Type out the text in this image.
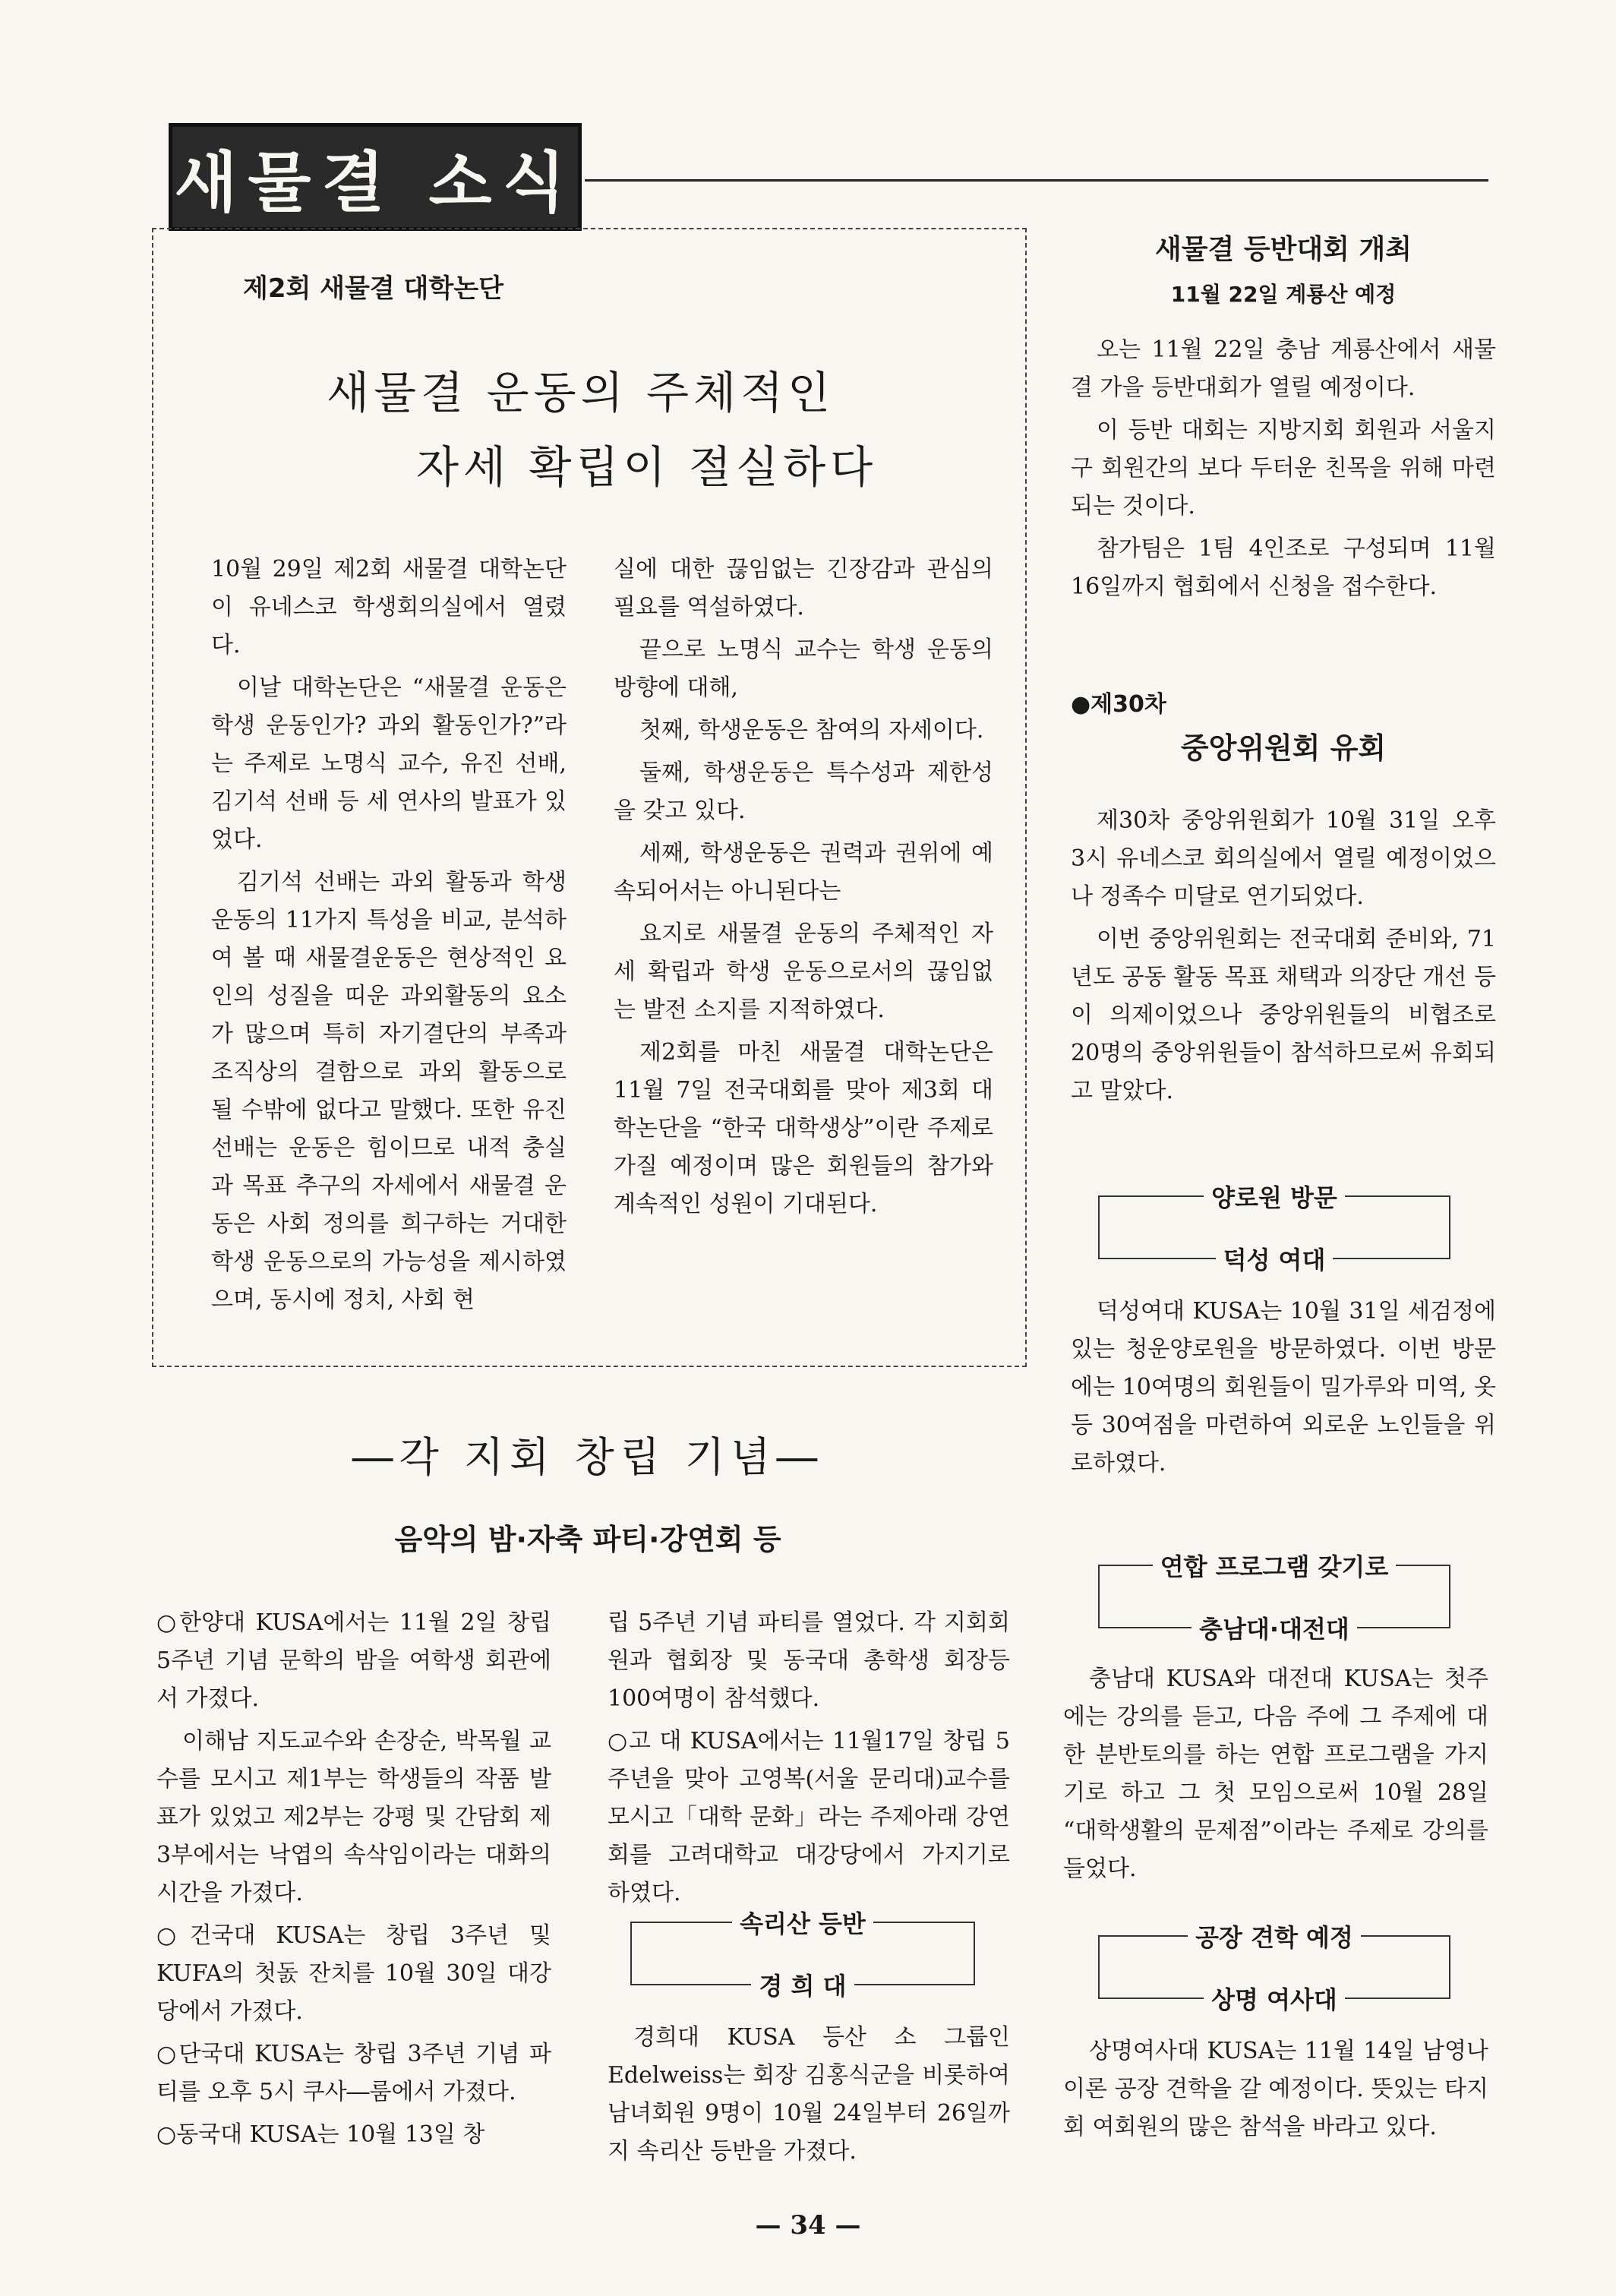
새물결 소식
제2회 새물결 대학논단
새물결 운동의 주체적인
자세 확립이 절실하다

10월 29일 제2회 새물결 대학논단이 유네스코 학생회의실에서 열렸다.

이날 대학논단은 “새물결 운동은 학생 운동인가? 과외 활동인가?”라는 주제로 노명식 교수, 유진 선배, 김기석 선배 등 세 연사의 발표가 있었다.

김기석 선배는 과외 활동과 학생 운동의 11가지 특성을 비교, 분석하여 볼 때 새물결운동은 현상적인 요인의 성질을 띠운 과외활동의 요소가 많으며 특히 자기결단의 부족과 조직상의 결함으로 과외 활동으로 될 수밖에 없다고 말했다. 또한 유진 선배는 운동은 힘이므로 내적 충실과 목표 추구의 자세에서 새물결 운동은 사회 정의를 희구하는 거대한 학생 운동으로의 가능성을 제시하였으며, 동시에 정치, 사회 현

실에 대한 끊임없는 긴장감과 관심의 필요를 역설하였다.

끝으로 노명식 교수는 학생 운동의 방향에 대해,

첫째, 학생운동은 참여의 자세이다.

둘째, 학생운동은 특수성과 제한성을 갖고 있다.

세째, 학생운동은 권력과 권위에 예속되어서는 아니된다는

요지로 새물결 운동의 주체적인 자세 확립과 학생 운동으로서의 끊임없는 발전 소지를 지적하였다.

제2회를 마친 새물결 대학논단은 11월 7일 전국대회를 맞아 제3회 대학논단을 “한국 대학생상”이란 주제로 가질 예정이며 많은 회원들의 참가와 계속적인 성원이 기대된다.

새물결 등반대회 개최
11월 22일 계룡산 예정

오는 11월 22일 충남 계룡산에서 새물결 가을 등반대회가 열릴 예정이다.

이 등반 대회는 지방지회 회원과 서울지구 회원간의 보다 두터운 친목을 위해 마련되는 것이다.

참가팀은 1팀 4인조로 구성되며 11월 16일까지 협회에서 신청을 접수한다.

●제30차
중앙위원회 유회

제30차 중앙위원회가 10월 31일 오후 3시 유네스코 회의실에서 열릴 예정이었으나 정족수 미달로 연기되었다.

이번 중앙위원회는 전국대회 준비와, 71년도 공동 활동 목표 채택과 의장단 개선 등이 의제이었으나 중앙위원들의 비협조로 20명의 중앙위원들이 참석하므로써 유회되고 말았다.

양로원 방문
덕성 여대

덕성여대 KUSA는 10월 31일 세검정에 있는 청운양로원을 방문하였다. 이번 방문에는 10여명의 회원들이 밀가루와 미역, 옷 등 30여점을 마련하여 외로운 노인들을 위로하였다.

―각 지회 창립 기념―
음악의 밤·자축 파티·강연회 등

○한양대 KUSA에서는 11월 2일 창립 5주년 기념 문학의 밤을 여학생 회관에서 가졌다.

이해남 지도교수와 손장순, 박목월 교수를 모시고 제1부는 학생들의 작품 발표가 있었고 제2부는 강평 및 간담회 제3부에서는 낙엽의 속삭임이라는 대화의 시간을 가졌다.

○건국대 KUSA는 창립 3주년 및 KUFA의 첫돐 잔치를 10월 30일 대강당에서 가졌다.

○단국대 KUSA는 창립 3주년 기념 파티를 오후 5시 쿠사―룸에서 가졌다.

○동국대 KUSA는 10월 13일 창

립 5주년 기념 파티를 열었다. 각 지회회원과 협회장 및 동국대 총학생 회장등 100여명이 참석했다.

○고 대 KUSA에서는 11월17일 창립 5주년을 맞아 고영복(서울 문리대)교수를 모시고「대학 문화」라는 주제아래 강연회를 고려대학교 대강당에서 가지기로 하였다.

속리산 등반
경 희 대

경희대 KUSA 등산 소 그룹인 Edelweiss는 회장 김홍식군을 비롯하여 남녀회원 9명이 10월 24일부터 26일까지 속리산 등반을 가졌다.

연합 프로그램 갖기로
충남대·대전대

충남대 KUSA와 대전대 KUSA는 첫주에는 강의를 듣고, 다음 주에 그 주제에 대한 분반토의를 하는 연합 프로그램을 가지기로 하고 그 첫 모임으로써 10월 28일 “대학생활의 문제점”이라는 주제로 강의를 들었다.

공장 견학 예정
상명 여사대

상명여사대 KUSA는 11월 14일 남영나이론 공장 견학을 갈 예정이다. 뜻있는 타지회 여회원의 많은 참석을 바라고 있다.

— 34 —
